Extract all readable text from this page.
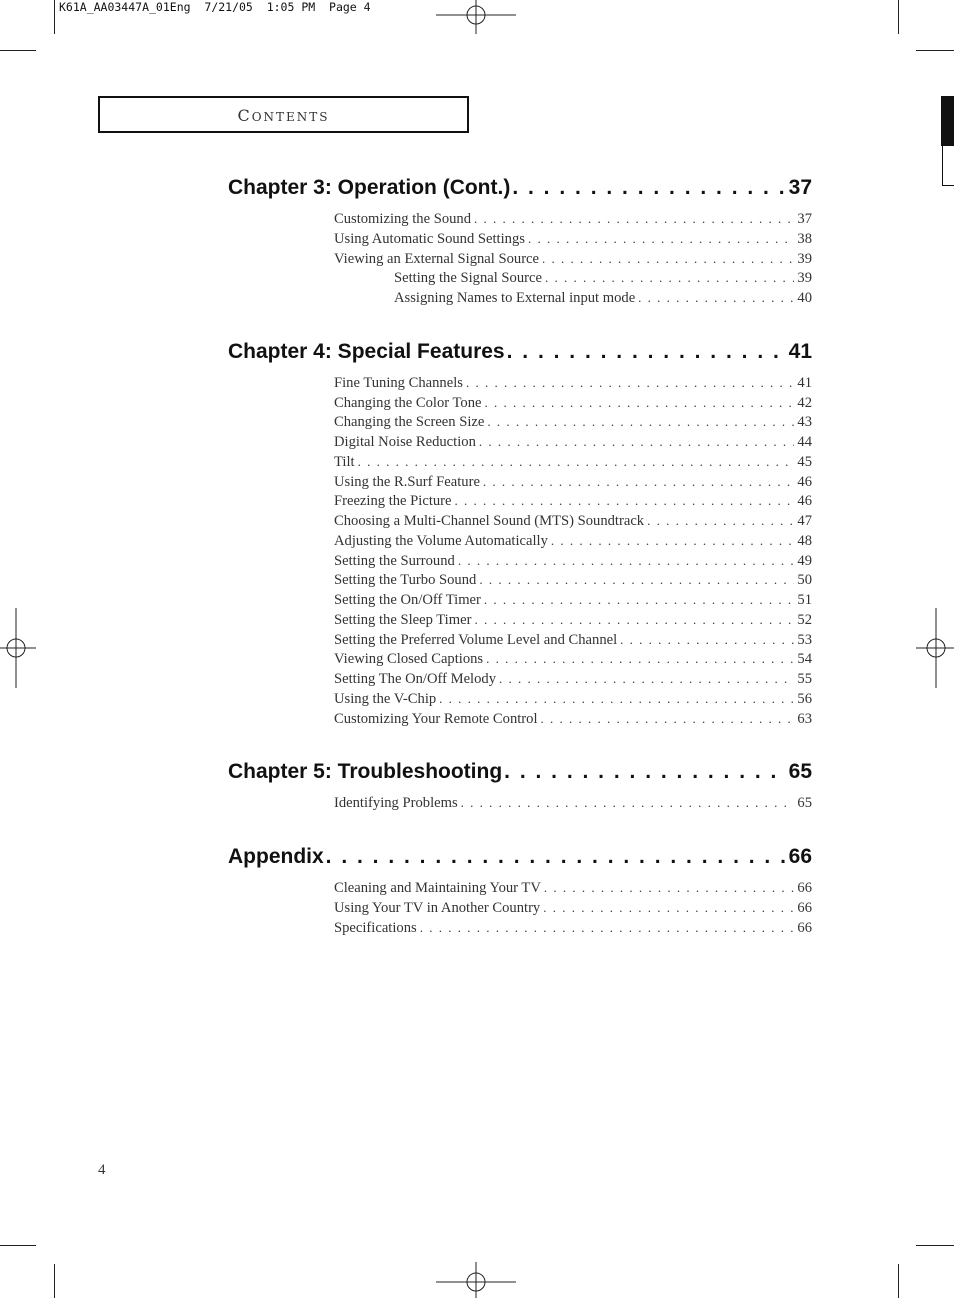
K61A_AA03447A_01Eng  7/21/05  1:05 PM  Page 4
CONTENTS
Chapter 3: Operation (Cont.) . . .	37
Customizing the Sound . . .	37
Using Automatic Sound Settings . . .	38
Viewing an External Signal Source . . .	39
Setting the Signal Source . . .	39
Assigning Names to External input mode . . .	40
Chapter 4: Special Features . . .	41
Fine Tuning Channels . . .	41
Changing the Color Tone . . .	42
Changing the Screen Size . . .	43
Digital Noise Reduction . . .	44
Tilt . . .	45
Using the R.Surf Feature . . .	46
Freezing the Picture . . .	46
Choosing a Multi-Channel Sound (MTS) Soundtrack . . .	47
Adjusting the Volume Automatically . . .	48
Setting the Surround . . .	49
Setting the Turbo Sound . . .	50
Setting the On/Off Timer . . .	51
Setting the Sleep Timer . . .	52
Setting the Preferred Volume Level and Channel . . .	53
Viewing Closed Captions . . .	54
Setting The On/Off Melody . . .	55
Using the V-Chip . . .	56
Customizing Your Remote Control . . .	63
Chapter 5: Troubleshooting . . .	65
Identifying Problems . . .	65
Appendix . . .	66
Cleaning and Maintaining Your TV . . .	66
Using Your TV in Another Country . . .	66
Specifications . . .	66
4
